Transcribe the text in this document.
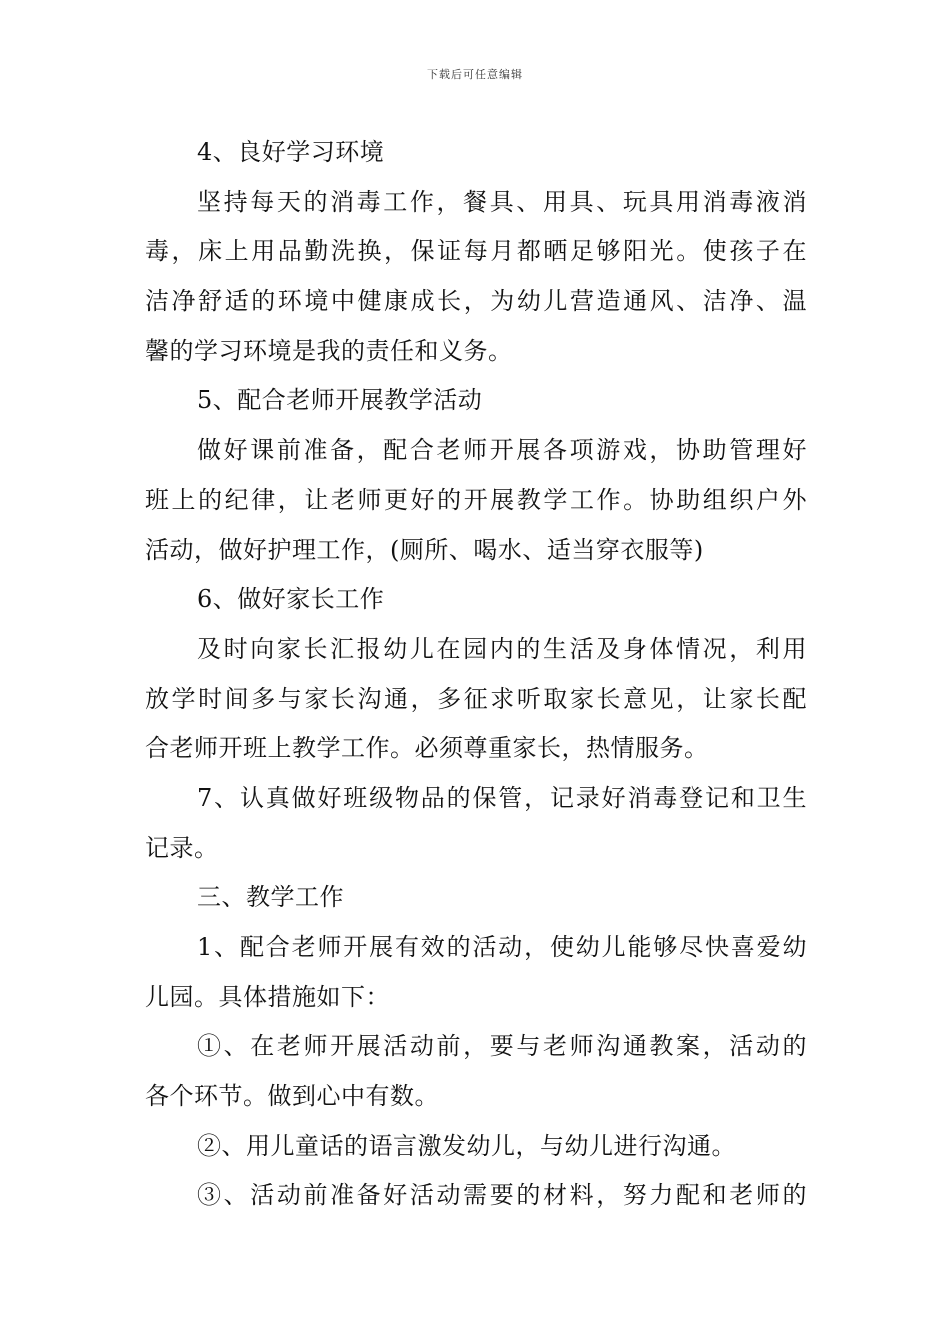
下载后可任意编辑
4、良好学习环境
坚持每天的消毒工作，餐具、用具、玩具用消毒液消
毒，床上用品勤洗换，保证每月都晒足够阳光。使孩子在
洁净舒适的环境中健康成长，为幼儿营造通风、洁净、温
馨的学习环境是我的责任和义务。
5、配合老师开展教学活动
做好课前准备，配合老师开展各项游戏，协助管理好
班上的纪律，让老师更好的开展教学工作。协助组织户外
活动，做好护理工作，(厕所、喝水、适当穿衣服等)
6、做好家长工作
及时向家长汇报幼儿在园内的生活及身体情况，利用
放学时间多与家长沟通，多征求听取家长意见，让家长配
合老师开班上教学工作。必须尊重家长，热情服务。
7、认真做好班级物品的保管，记录好消毒登记和卫生
记录。
三、教学工作
1、配合老师开展有效的活动，使幼儿能够尽快喜爱幼
儿园。具体措施如下：
①、在老师开展活动前，要与老师沟通教案，活动的
各个环节。做到心中有数。
②、用儿童话的语言激发幼儿，与幼儿进行沟通。
③、活动前准备好活动需要的材料，努力配和老师的
